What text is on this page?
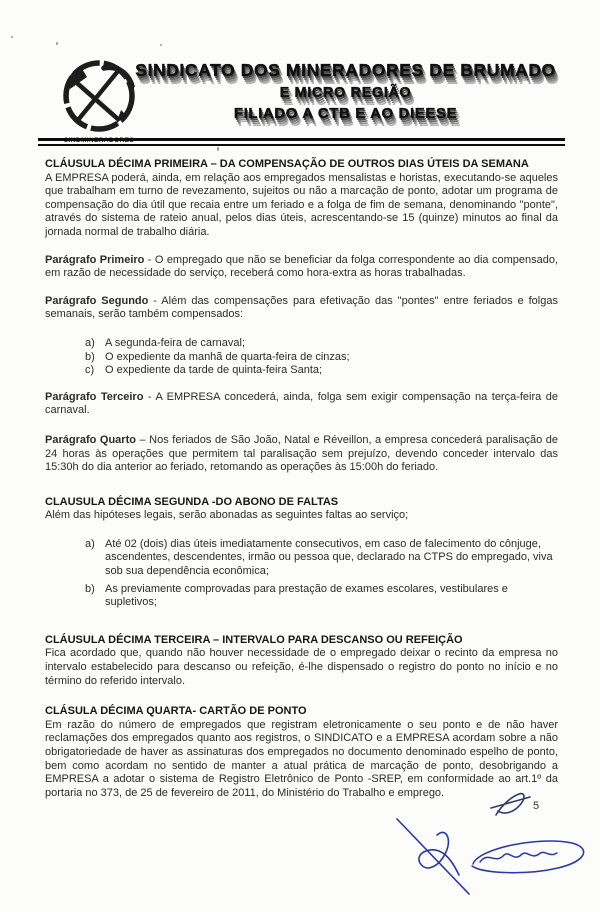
SINDMINERADORES
SINDICATO DOS MINERADORES DE BRUMADO
E MICRO REGIÃO
FILIADO A CTB E AO DIEESE
CLÁUSULA DÉCIMA PRIMEIRA – DA COMPENSAÇÃO DE OUTROS DIAS ÚTEIS DA SEMANA
A EMPRESA poderá, ainda, em relação aos empregados mensalistas e horistas, executando-se aqueles que trabalham em turno de revezamento, sujeitos ou não a marcação de ponto, adotar um programa de compensação do dia útil que recaia entre um feriado e a folga de fim de semana, denominando "ponte", através do sistema de rateio anual, pelos dias úteis, acrescentando-se 15 (quinze) minutos ao final da jornada normal de trabalho diária.

Parágrafo Primeiro - O empregado que não se beneficiar da folga correspondente ao dia compensado, em razão de necessidade do serviço, receberá como hora-extra as horas trabalhadas.

Parágrafo Segundo - Além das compensações para efetivação das "pontes" entre feriados e folgas semanais, serão também compensados:

a) A segunda-feira de carnaval;
b) O expediente da manhã de quarta-feira de cinzas;
c) O expediente da tarde de quinta-feira Santa;

Parágrafo Terceiro - A EMPRESA concederá, ainda, folga sem exigir compensação na terça-feira de carnaval.

Parágrafo Quarto – Nos feriados de São João, Natal e Réveillon, a empresa concederá paralisação de 24 horas às operações que permitem tal paralisação sem prejuízo, devendo conceder intervalo das 15:30h do dia anterior ao feriado, retomando as operações às 15:00h do feriado.

CLAUSULA DÉCIMA SEGUNDA -DO ABONO DE FALTAS
Além das hipóteses legais, serão abonadas as seguintes faltas ao serviço;
a) Até 02 (dois) dias úteis imediatamente consecutivos, em caso de falecimento do cônjuge, ascendentes, descendentes, irmão ou pessoa que, declarado na CTPS do empregado, viva sob sua dependência econômica;
b) As previamente comprovadas para prestação de exames escolares, vestibulares e supletivos;
CLÁUSULA DÉCIMA TERCEIRA – INTERVALO PARA DESCANSO OU REFEIÇÃO
Fica acordado que, quando não houver necessidade de o empregado deixar o recinto da empresa no intervalo estabelecido para descanso ou refeição, é-lhe dispensado o registro do ponto no início e no término do referido intervalo.
CLÁSULA DÉCIMA QUARTA- CARTÃO DE PONTO
Em razão do número de empregados que registram eletronicamente o seu ponto e de não haver reclamações dos empregados quanto aos registros, o SINDICATO e a EMPRESA acordam sobre a não obrigatoriedade de haver as assinaturas dos empregados no documento denominado espelho de ponto, bem como acordam no sentido de manter a atual prática de marcação de ponto, desobrigando a EMPRESA a adotar o sistema de Registro Eletrônico de Ponto -SREP, em conformidade ao art.1º da portaria no 373, de 25 de fevereiro de 2011, do Ministério do Trabalho e emprego.
5
